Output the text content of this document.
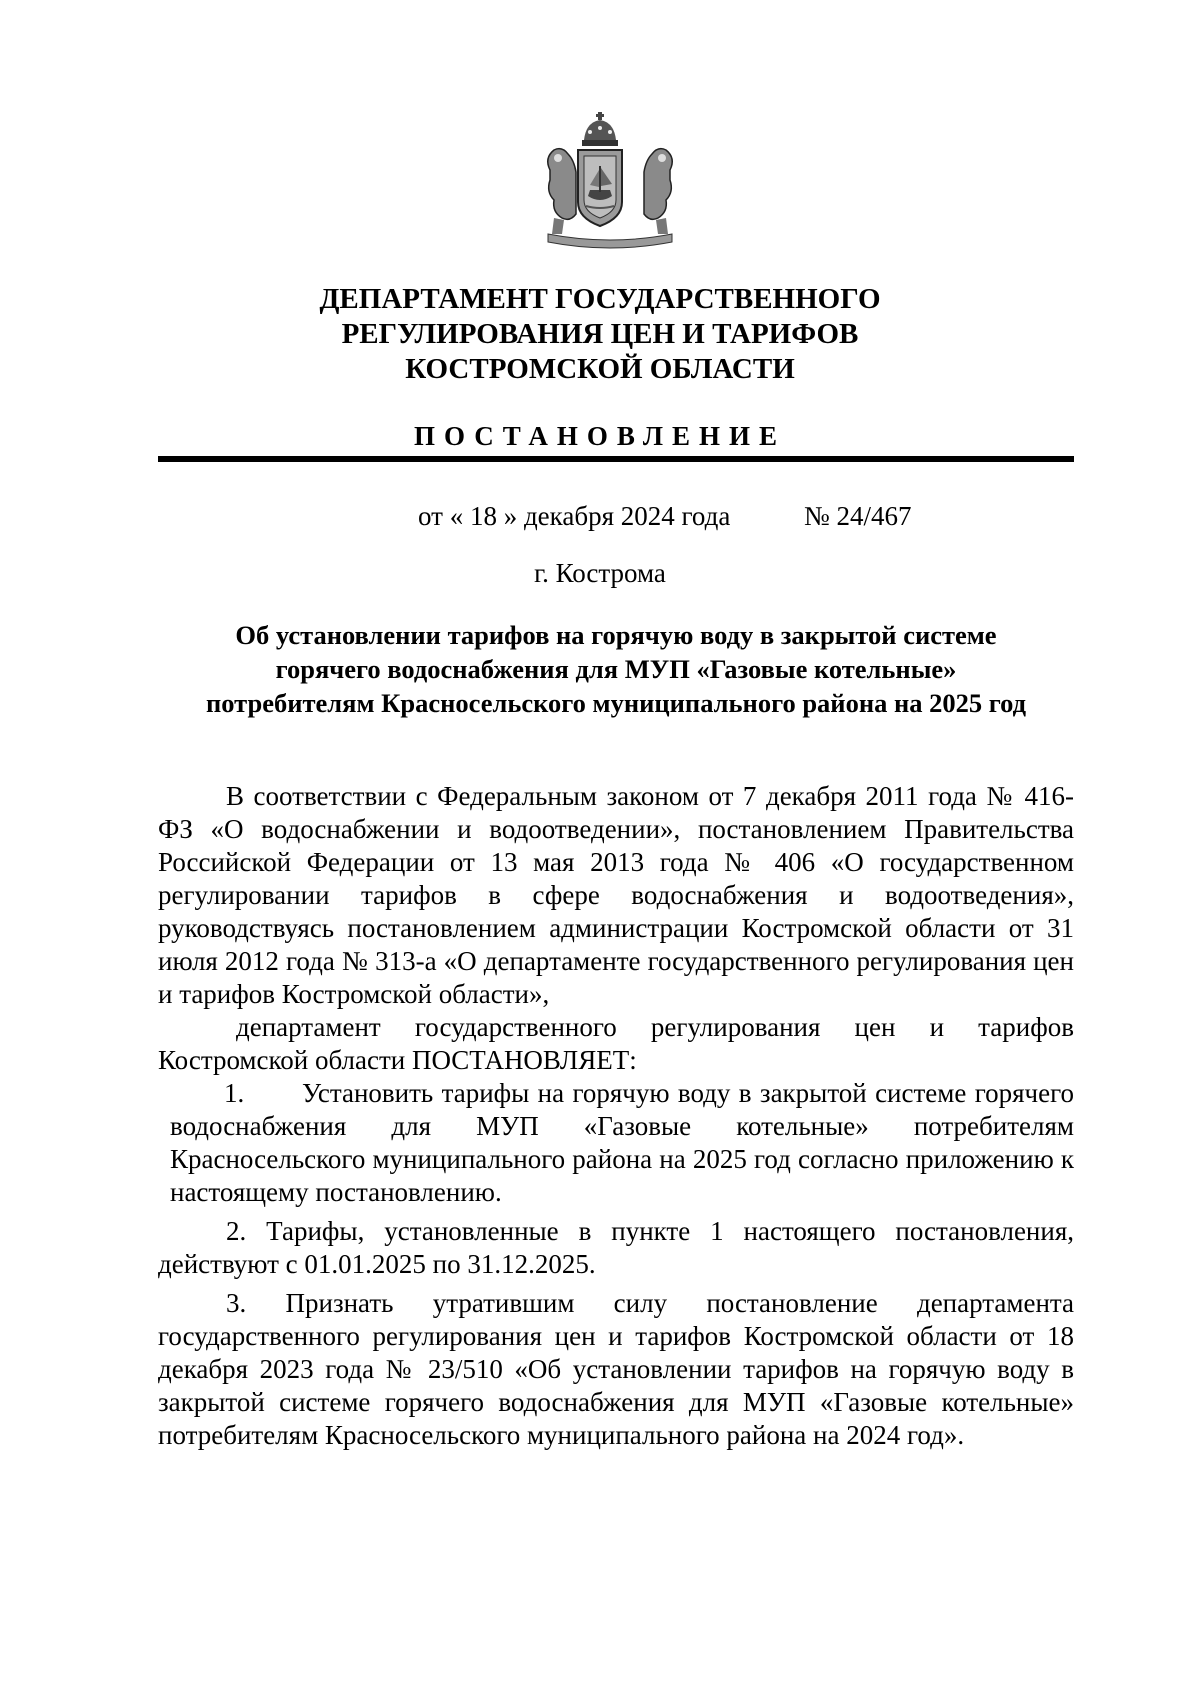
ДЕПАРТАМЕНТ ГОСУДАРСТВЕННОГО
РЕГУЛИРОВАНИЯ ЦЕН И ТАРИФОВ
КОСТРОМСКОЙ ОБЛАСТИ
ПОСТАНОВЛЕНИЕ
от « 18 » декабря 2024 года	№ 24/467
г. Кострома
Об установлении тарифов на горячую воду в закрытой системе
горячего водоснабжения для МУП «Газовые котельные»
потребителям Красносельского муниципального района на 2025 год

В соответствии с Федеральным законом от 7 декабря 2011 года № 416-ФЗ «О водоснабжении и водоотведении», постановлением Правительства Российской Федерации от 13 мая 2013 года № 406 «О государственном регулировании тарифов в сфере водоснабжения и водоотведения», руководствуясь постановлением администрации Костромской области от 31 июля 2012 года № 313-а «О департаменте государственного регулирования цен и тарифов Костромской области»,

департамент государственного регулирования цен и тарифов Костромской области ПОСТАНОВЛЯЕТ:

1. Установить тарифы на горячую воду в закрытой системе горячего водоснабжения для МУП «Газовые котельные» потребителям Красносельского муниципального района на 2025 год согласно приложению к настоящему постановлению.

2. Тарифы, установленные в пункте 1 настоящего постановления, действуют с 01.01.2025 по 31.12.2025.

3. Признать утратившим силу постановление департамента государственного регулирования цен и тарифов Костромской области от 18 декабря 2023 года № 23/510 «Об установлении тарифов на горячую воду в закрытой системе горячего водоснабжения для МУП «Газовые котельные» потребителям Красносельского муниципального района на 2024 год».
